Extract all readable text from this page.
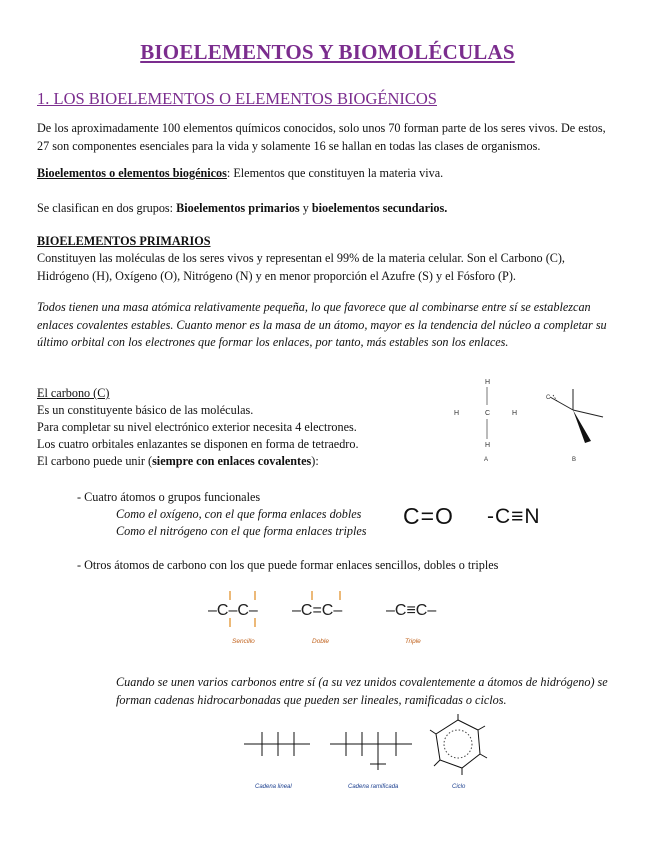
BIOELEMENTOS Y BIOMOLÉCULAS
1. LOS BIOELEMENTOS O ELEMENTOS BIOGÉNICOS
De los aproximadamente 100 elementos químicos conocidos, solo unos 70 forman parte de los seres vivos. De estos, 27 son componentes esenciales para la vida y solamente 16 se hallan en todas las clases de organismos.
Bioelementos o elementos biogénicos: Elementos que constituyen la materia viva.
Se clasifican en dos grupos: Bioelementos primarios y bioelementos secundarios.
BIOELEMENTOS PRIMARIOS
Constituyen las moléculas de los seres vivos y representan el 99% de la materia celular. Son el Carbono (C), Hidrógeno (H), Oxígeno (O), Nitrógeno (N) y en menor proporción el Azufre (S) y el Fósforo (P).
Todos tienen una masa atómica relativamente pequeña, lo que favorece que al combinarse entre sí se establezcan enlaces covalentes estables. Cuanto menor es la masa de un átomo, mayor es la tendencia del núcleo a completar su último orbital con los electrones que formar los enlaces, por tanto, más estables son los enlaces.
El carbono (C)
Es un constituyente básico de las moléculas.
Para completar su nivel electrónico exterior necesita 4 electrones.
Los cuatro orbitales enlazantes se disponen en forma de tetraedro.
El carbono puede unir (siempre con enlaces covalentes):
H
H	C	H
H
A
C
B
- Cuatro átomos o grupos funcionales
Como el oxígeno, con el que forma enlaces dobles
Como el nitrógeno con el que forma enlaces triples
C=O -C≡N
- Otros átomos de carbono con los que puede formar enlaces sencillos, dobles o triples
–C–C–
Sencillo
–C=C–
Doble
–C≡C–
Triple
Cuando se unen varios carbonos entre sí (a su vez unidos covalentemente a átomos de hidrógeno) se forman cadenas hidrocarbonadas que pueden ser lineales, ramificadas o ciclos.
Cadena lineal	Cadena ramificada	Ciclo
